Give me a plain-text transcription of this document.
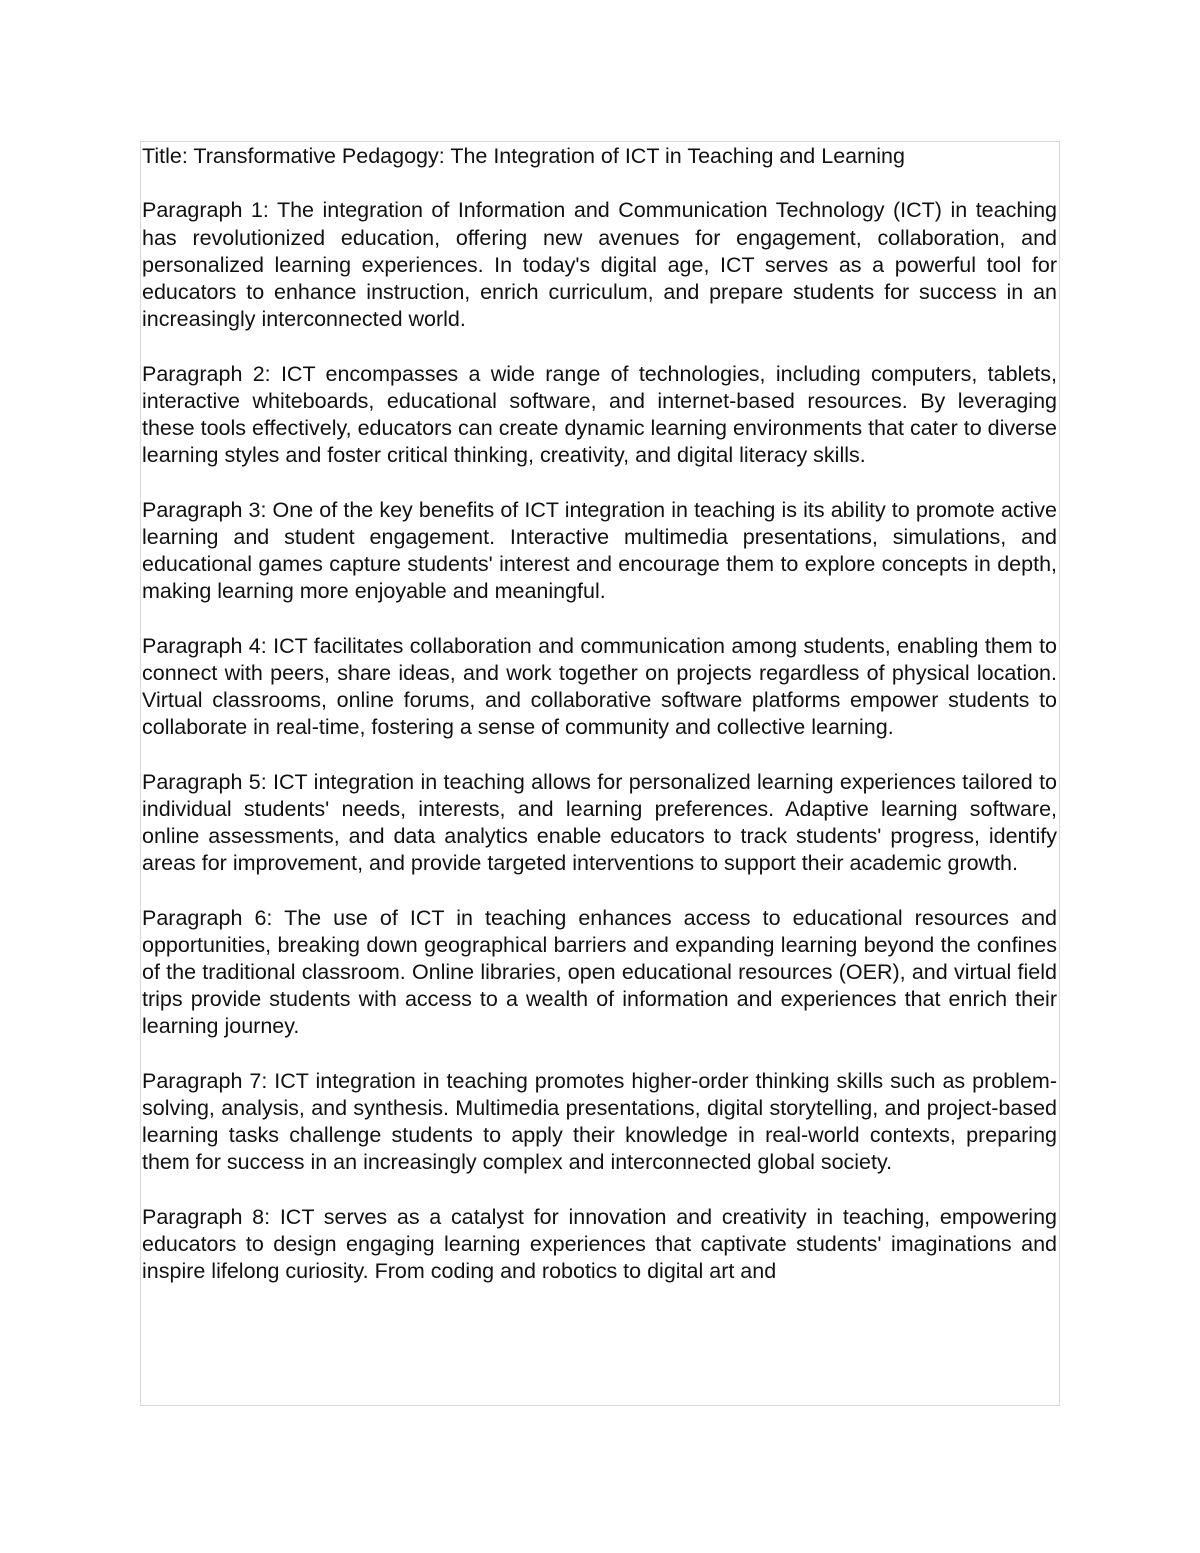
Title: Transformative Pedagogy: The Integration of ICT in Teaching and Learning

Paragraph 1: The integration of Information and Communication Technology (ICT) in teaching has revolutionized education, offering new avenues for engagement, collaboration, and personalized learning experiences. In today's digital age, ICT serves as a powerful tool for educators to enhance instruction, enrich curriculum, and prepare students for success in an increasingly interconnected world.

Paragraph 2: ICT encompasses a wide range of technologies, including computers, tablets, interactive whiteboards, educational software, and internet-based resources. By leveraging these tools effectively, educators can create dynamic learning environments that cater to diverse learning styles and foster critical thinking, creativity, and digital literacy skills.

Paragraph 3: One of the key benefits of ICT integration in teaching is its ability to promote active learning and student engagement. Interactive multimedia presentations, simulations, and educational games capture students' interest and encourage them to explore concepts in depth, making learning more enjoyable and meaningful.

Paragraph 4: ICT facilitates collaboration and communication among students, enabling them to connect with peers, share ideas, and work together on projects regardless of physical location. Virtual classrooms, online forums, and collaborative software platforms empower students to collaborate in real-time, fostering a sense of community and collective learning.

Paragraph 5: ICT integration in teaching allows for personalized learning experiences tailored to individual students' needs, interests, and learning preferences. Adaptive learning software, online assessments, and data analytics enable educators to track students' progress, identify areas for improvement, and provide targeted interventions to support their academic growth.

Paragraph 6: The use of ICT in teaching enhances access to educational resources and opportunities, breaking down geographical barriers and expanding learning beyond the confines of the traditional classroom. Online libraries, open educational resources (OER), and virtual field trips provide students with access to a wealth of information and experiences that enrich their learning journey.

Paragraph 7: ICT integration in teaching promotes higher-order thinking skills such as problem-solving, analysis, and synthesis. Multimedia presentations, digital storytelling, and project-based learning tasks challenge students to apply their knowledge in real-world contexts, preparing them for success in an increasingly complex and interconnected global society.

Paragraph 8: ICT serves as a catalyst for innovation and creativity in teaching, empowering educators to design engaging learning experiences that captivate students' imaginations and inspire lifelong curiosity. From coding and robotics to digital art and
